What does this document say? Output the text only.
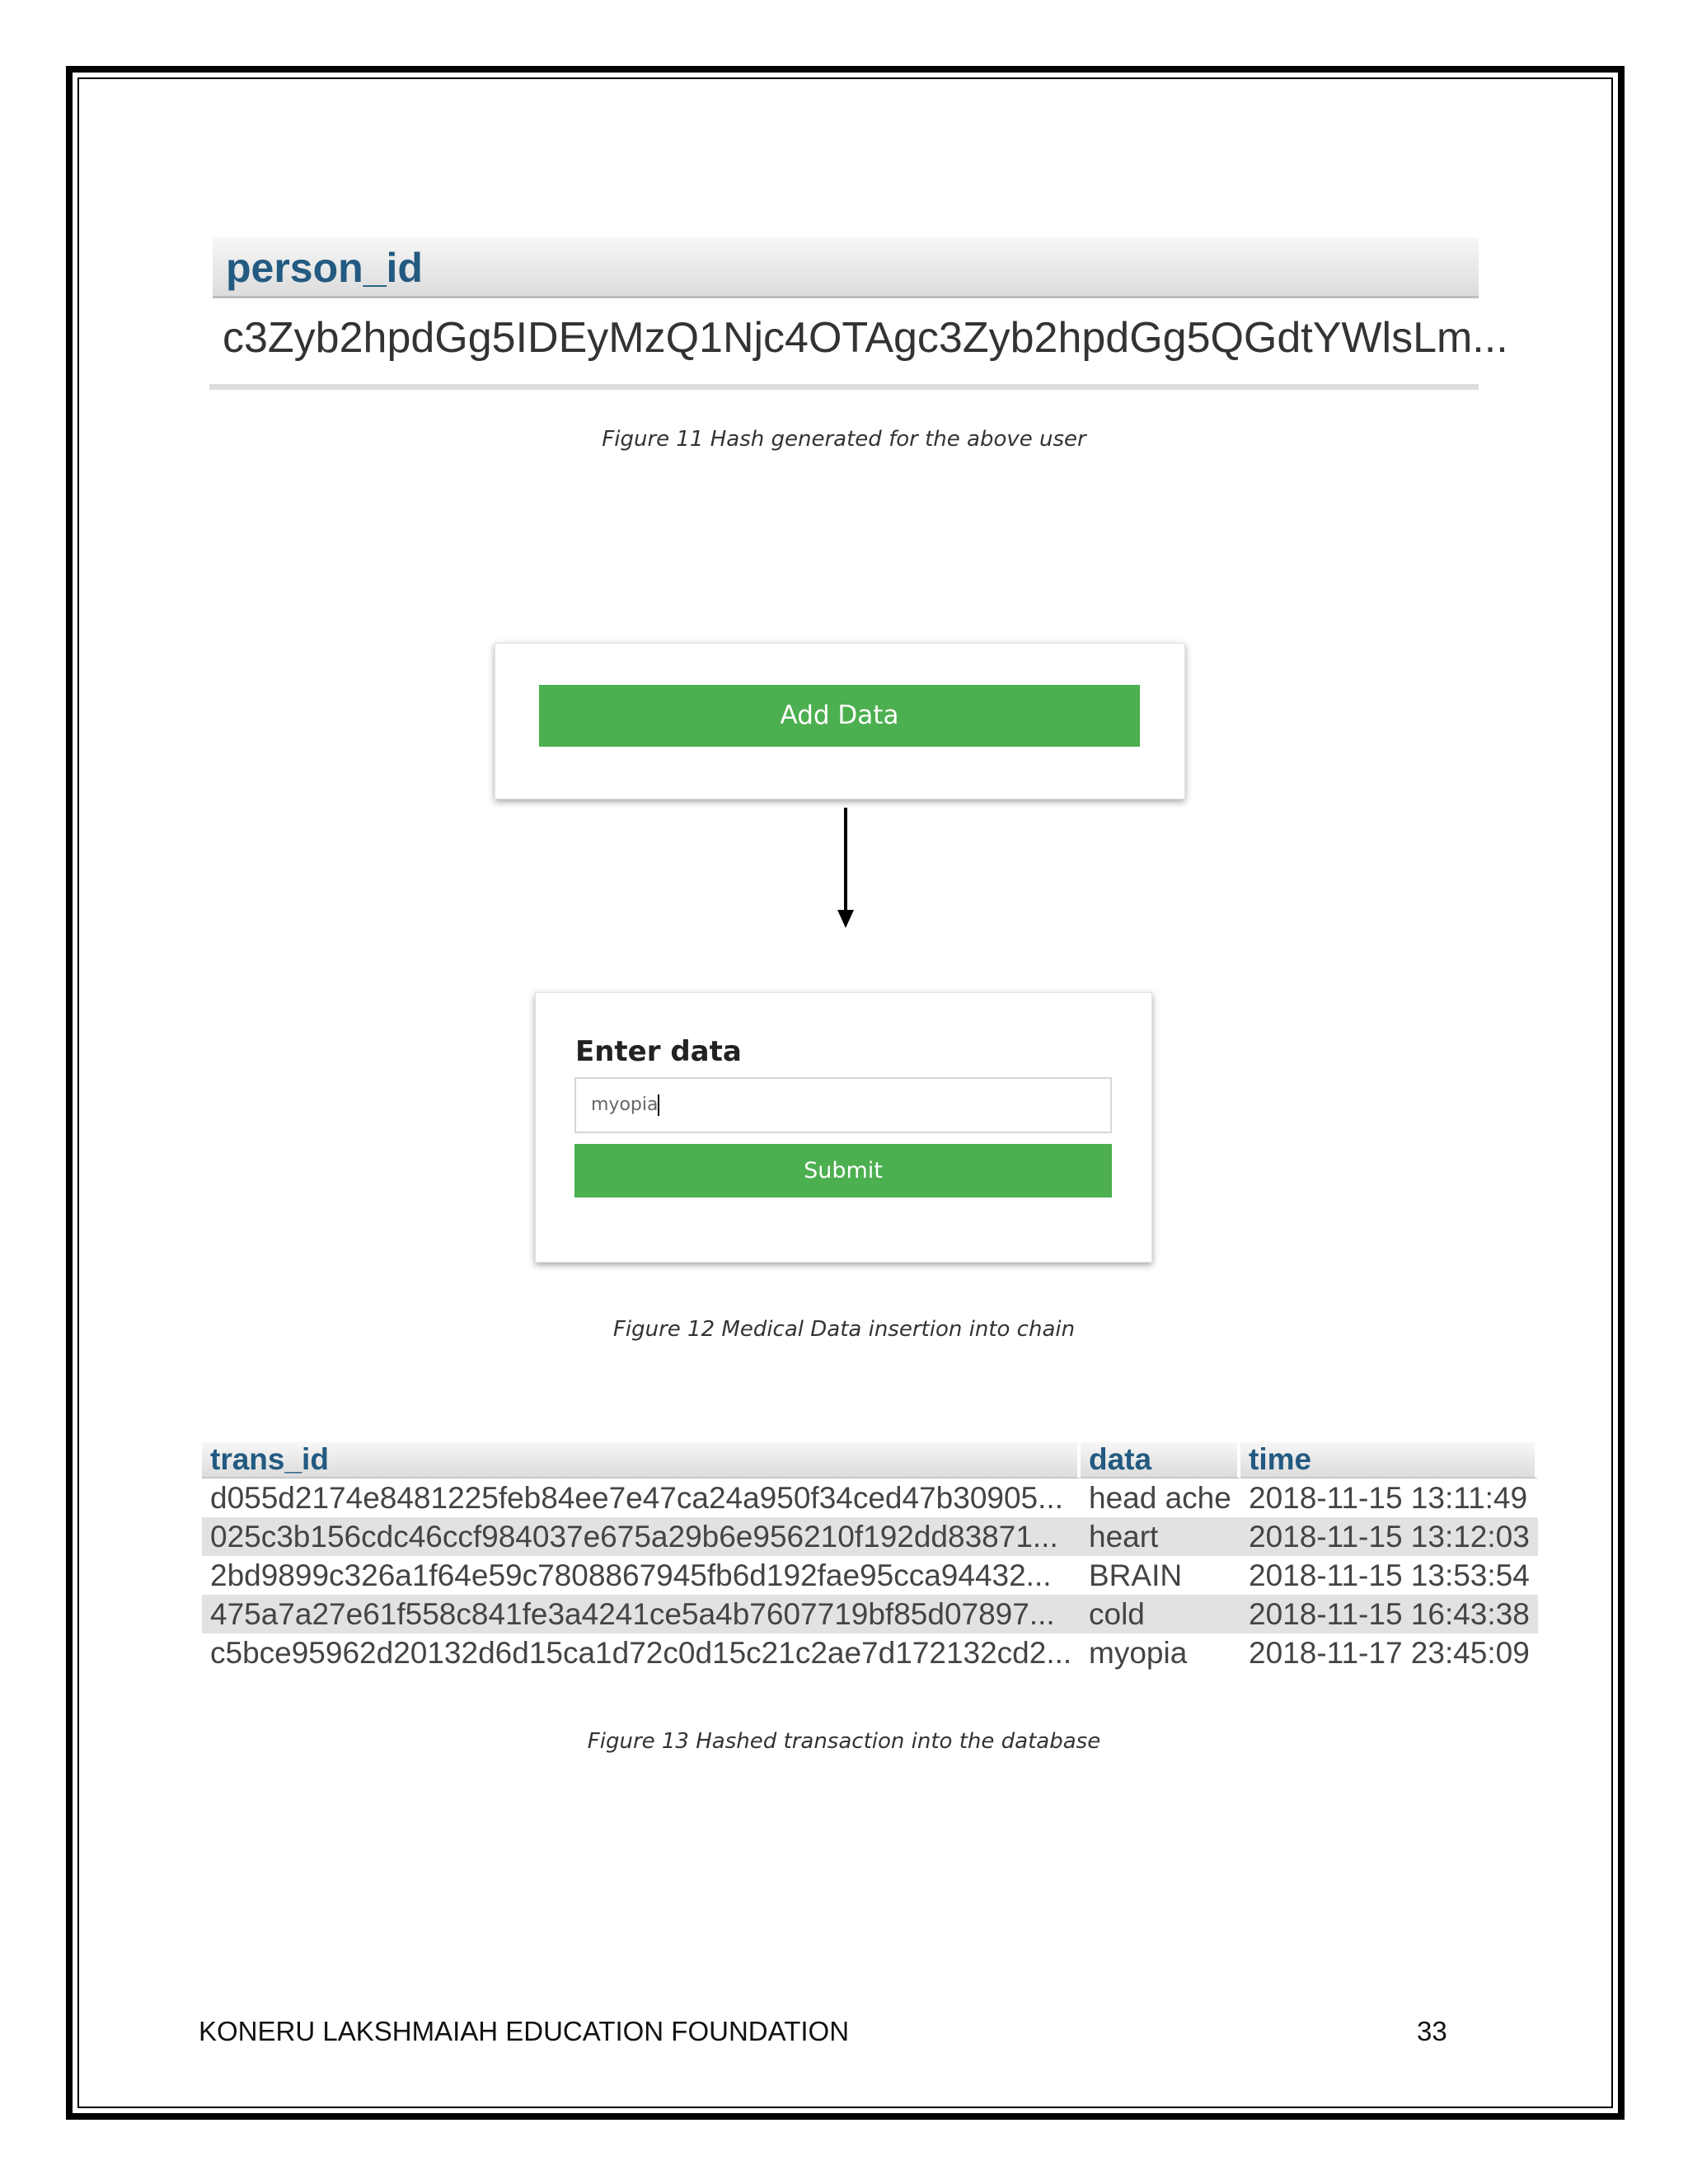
person_id
c3Zyb2hpdGg5IDEyMzQ1Njc4OTAgc3Zyb2hpdGg5QGdtYWlsLm...
Figure 11 Hash generated for the above user
Add Data
Enter data
myopia
Submit
Figure 12 Medical Data insertion into chain
trans_id	data	time
d055d2174e8481225feb84ee7e47ca24a950f34ced47b30905...	head ache	2018-11-15 13:11:49
025c3b156cdc46ccf984037e675a29b6e956210f192dd83871...	heart	2018-11-15 13:12:03
2bd9899c326a1f64e59c7808867945fb6d192fae95cca94432...	BRAIN	2018-11-15 13:53:54
475a7a27e61f558c841fe3a4241ce5a4b7607719bf85d07897...	cold	2018-11-15 16:43:38
c5bce95962d20132d6d15ca1d72c0d15c21c2ae7d172132cd2...	myopia	2018-11-17 23:45:09
Figure 13 Hashed transaction into the database
KONERU LAKSHMAIAH EDUCATION FOUNDATION	33
